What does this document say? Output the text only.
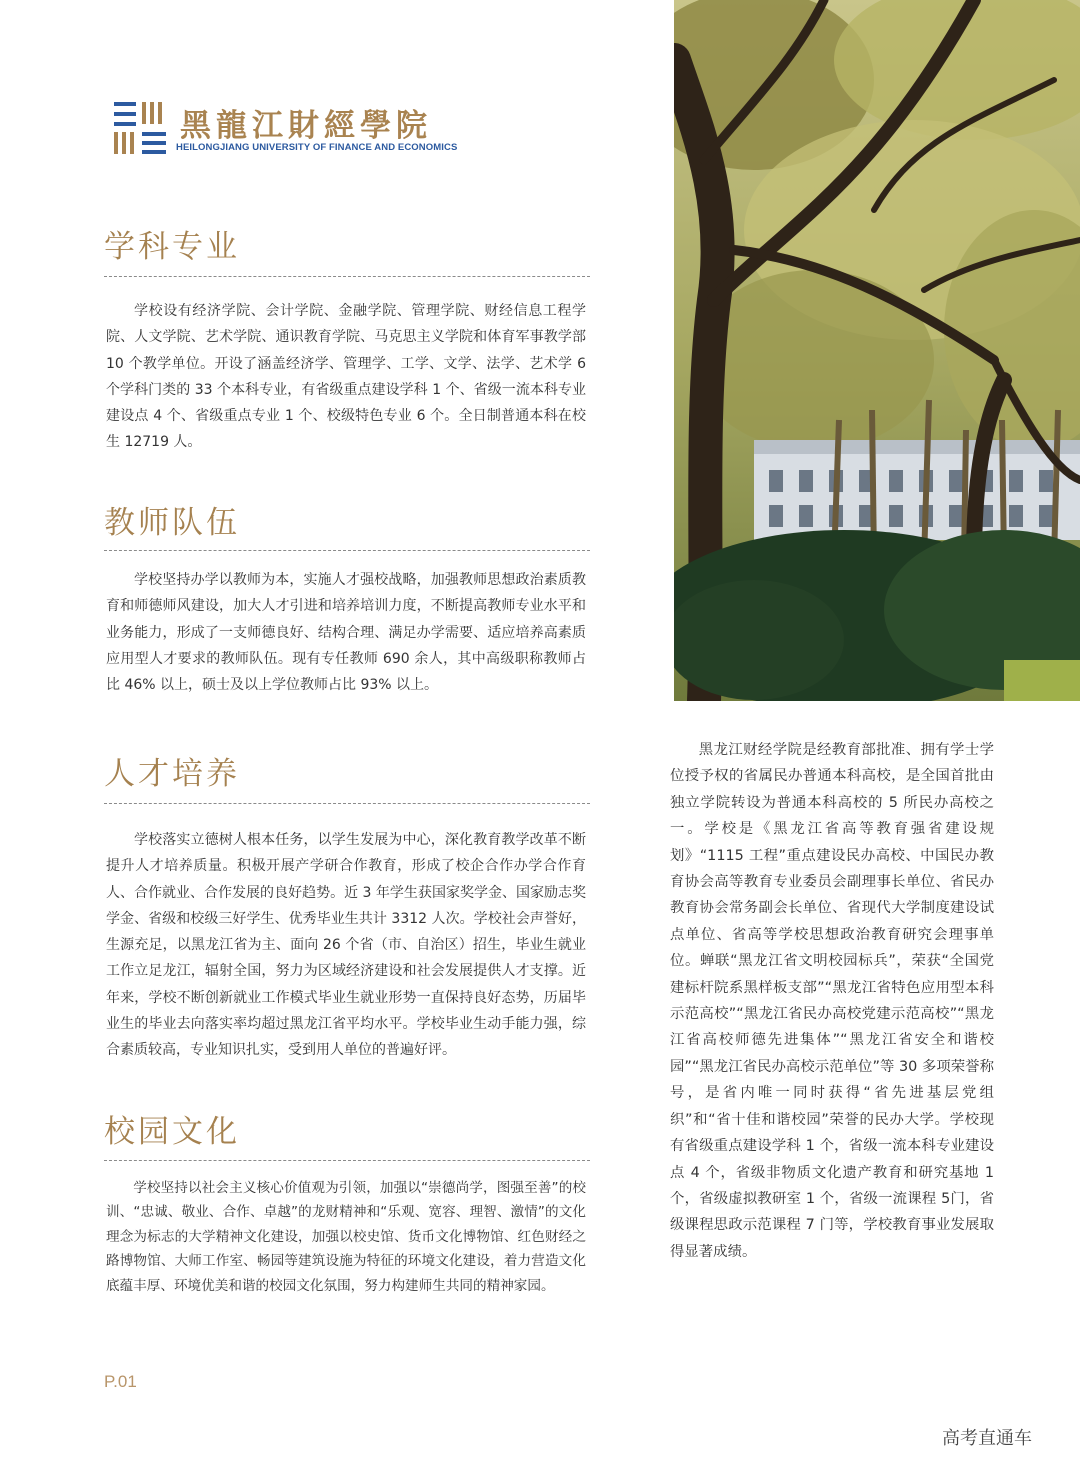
黑龍江財經學院
HEILONGJIANG UNIVERSITY OF FINANCE AND ECONOMICS
学科专业

学校设有经济学院、会计学院、金融学院、管理学院、财经信息工程学院、人文学院、艺术学院、通识教育学院、马克思主义学院和体育军事教学部 10 个教学单位。开设了涵盖经济学、管理学、工学、文学、法学、艺术学 6 个学科门类的 33 个本科专业，有省级重点建设学科 1 个、省级一流本科专业建设点 4 个、省级重点专业 1 个、校级特色专业 6 个。全日制普通本科在校生 12719 人。

教师队伍

学校坚持办学以教师为本，实施人才强校战略，加强教师思想政治素质教育和师德师风建设，加大人才引进和培养培训力度，不断提高教师专业水平和业务能力，形成了一支师德良好、结构合理、满足办学需要、适应培养高素质应用型人才要求的教师队伍。现有专任教师 690 余人，其中高级职称教师占比 46% 以上，硕士及以上学位教师占比 93% 以上。

人才培养

学校落实立德树人根本任务，以学生发展为中心，深化教育教学改革不断提升人才培养质量。积极开展产学研合作教育，形成了校企合作办学合作育人、合作就业、合作发展的良好趋势。近 3 年学生获国家奖学金、国家励志奖学金、省级和校级三好学生、优秀毕业生共计 3312 人次。学校社会声誉好，生源充足，以黑龙江省为主、面向 26 个省（市、自治区）招生，毕业生就业工作立足龙江，辐射全国，努力为区域经济建设和社会发展提供人才支撑。近年来，学校不断创新就业工作模式毕业生就业形势一直保持良好态势，历届毕业生的毕业去向落实率均超过黑龙江省平均水平。学校毕业生动手能力强，综合素质较高，专业知识扎实，受到用人单位的普遍好评。

校园文化

学校坚持以社会主义核心价值观为引领，加强以“崇德尚学，图强至善”的校训、“忠诚、敬业、合作、卓越”的龙财精神和“乐观、宽容、理智、激情”的文化理念为标志的大学精神文化建设，加强以校史馆、货币文化博物馆、红色财经之路博物馆、大师工作室、畅园等建筑设施为特征的环境文化建设，着力营造文化底蕴丰厚、环境优美和谐的校园文化氛围，努力构建师生共同的精神家园。

黑龙江财经学院是经教育部批准、拥有学士学位授予权的省属民办普通本科高校，是全国首批由独立学院转设为普通本科高校的 5 所民办高校之一。学校是《黑龙江省高等教育强省建设规划》“1115 工程”重点建设民办高校、中国民办教育协会高等教育专业委员会副理事长单位、省民办教育协会常务副会长单位、省现代大学制度建设试点单位、省高等学校思想政治教育研究会理事单位。蝉联“黑龙江省文明校园标兵”，荣获“全国党建标杆院系黑样板支部”“黑龙江省特色应用型本科示范高校”“黑龙江省民办高校党建示范高校”“黑龙江省高校师德先进集体”“黑龙江省安全和谐校园”“黑龙江省民办高校示范单位”等 30 多项荣誉称号，是省内唯一同时获得“省先进基层党组织”和“省十佳和谐校园”荣誉的民办大学。学校现有省级重点建设学科 1 个，省级一流本科专业建设点 4 个，省级非物质文化遗产教育和研究基地 1 个，省级虚拟教研室 1 个，省级一流课程 5门，省级课程思政示范课程 7 门等，学校教育事业发展取得显著成绩。

P.01
高考直通车
